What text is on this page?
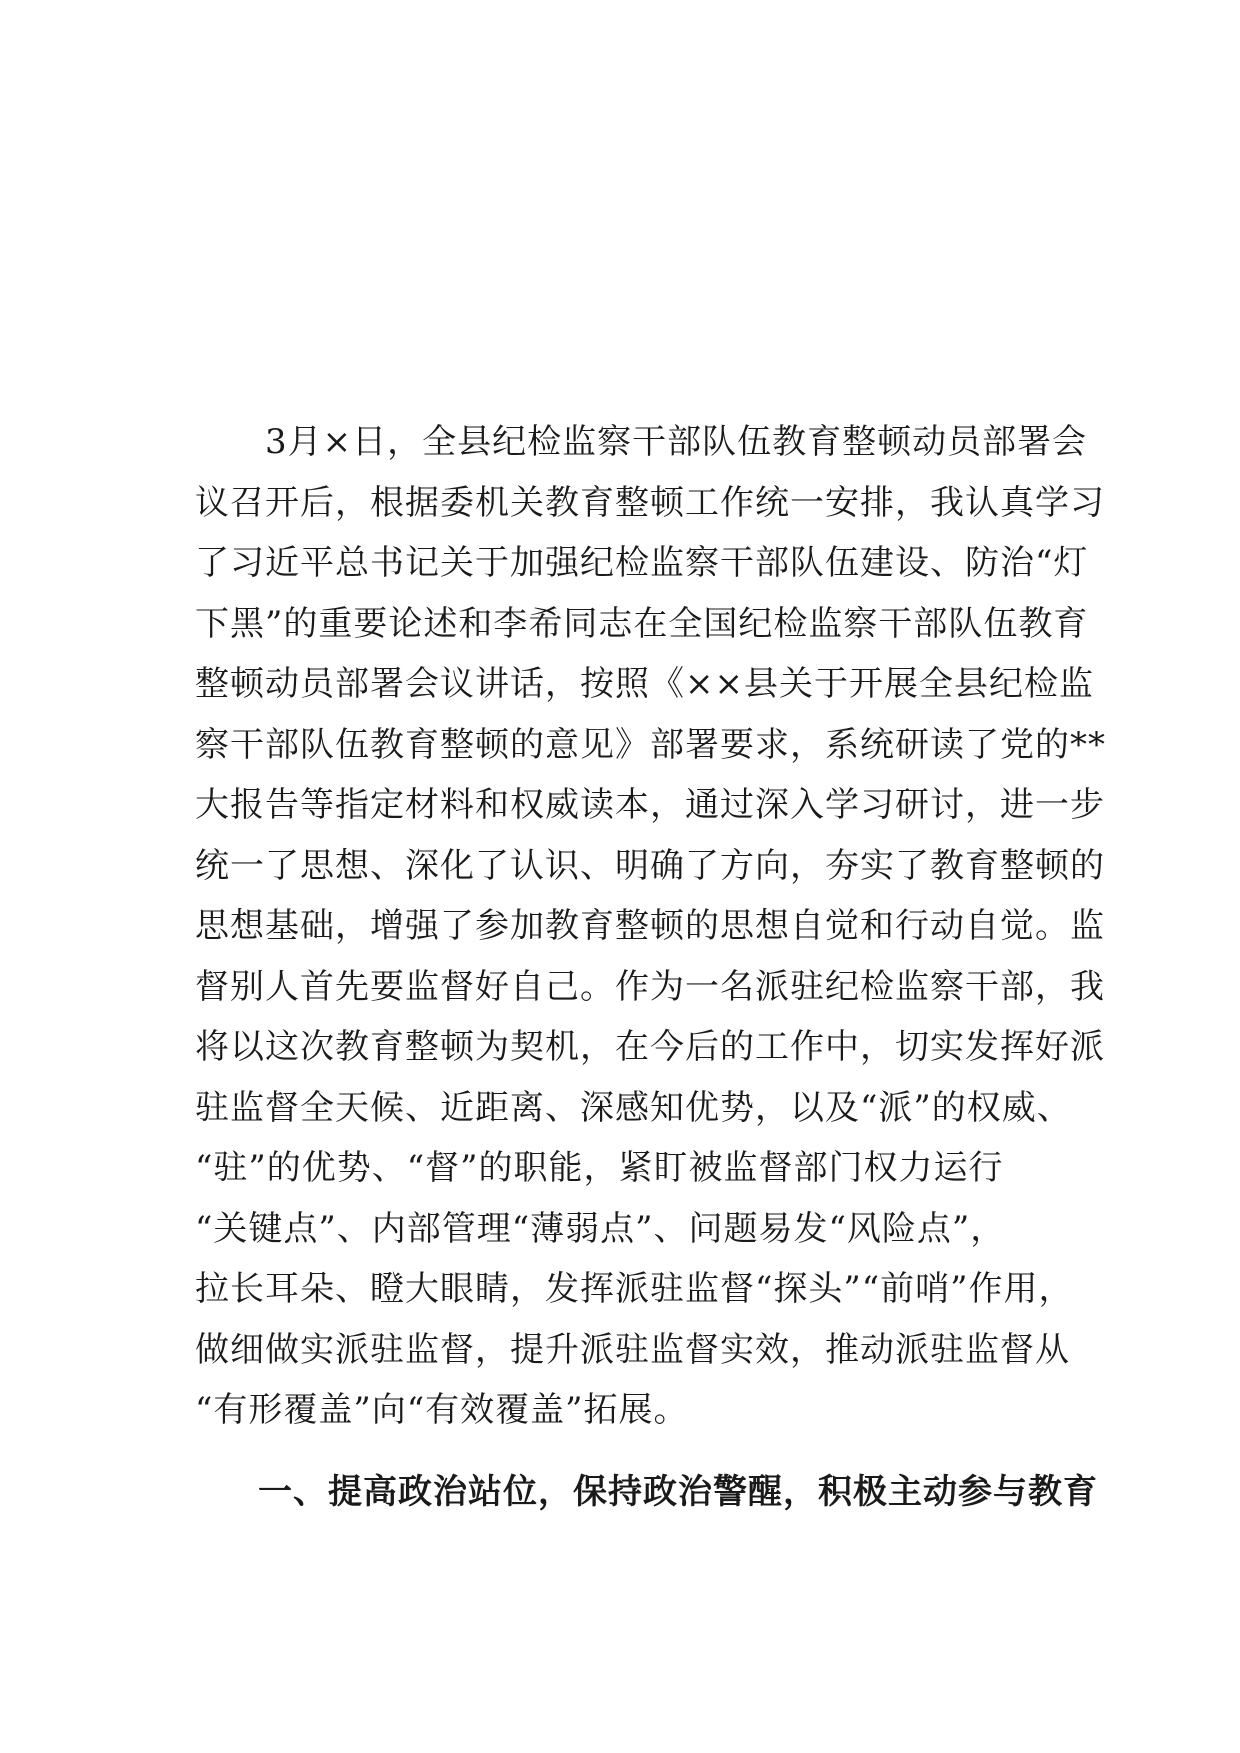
　　3月×日，全县纪检监察干部队伍教育整顿动员部署会
议召开后，根据委机关教育整顿工作统一安排，我认真学习
了习近平总书记关于加强纪检监察干部队伍建设、防治“灯
下黑”的重要论述和李希同志在全国纪检监察干部队伍教育
整顿动员部署会议讲话，按照《××县关于开展全县纪检监
察干部队伍教育整顿的意见》部署要求，系统研读了党的**
大报告等指定材料和权威读本，通过深入学习研讨，进一步
统一了思想、深化了认识、明确了方向，夯实了教育整顿的
思想基础，增强了参加教育整顿的思想自觉和行动自觉。监
督别人首先要监督好自己。作为一名派驻纪检监察干部，我
将以这次教育整顿为契机，在今后的工作中，切实发挥好派
驻监督全天候、近距离、深感知优势，以及“派”的权威、
“驻”的优势、“督”的职能，紧盯被监督部门权力运行
“关键点”、内部管理“薄弱点”、问题易发“风险点”，
拉长耳朵、瞪大眼睛，发挥派驻监督“探头”“前哨”作用，
做细做实派驻监督，提升派驻监督实效，推动派驻监督从
“有形覆盖”向“有效覆盖”拓展。
一、提高政治站位，保持政治警醒，积极主动参与教育
